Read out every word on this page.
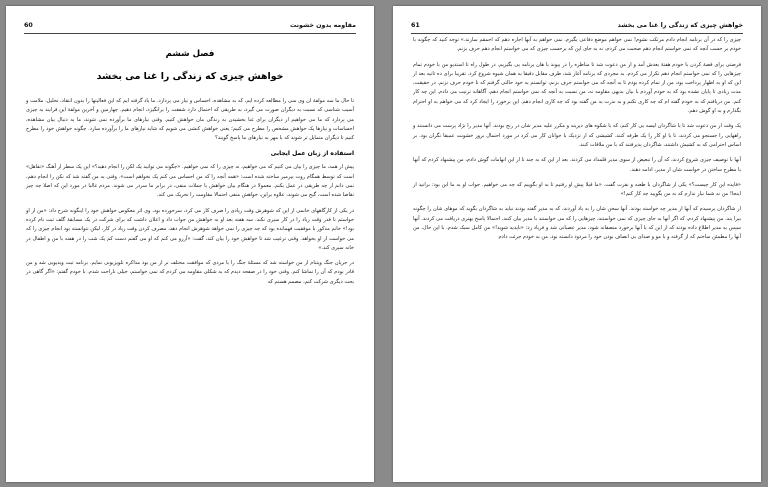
60	مقاومه بدون خشونت
فصل ششم
خواهش چیزی که زندگی را غنا می بخشد

تا حال ما سه مولفهٔ ان وی سی را مطالعه کرده ایم، که به مشاهده، احساس و نیاز می پردازد. ما یاد گرفته ایم که این فعالیتها را بدون انتقاد، تحلیل، ملامت و آسیب شناسی که نسبت به دیگران صورت می گیرد، به طریقی که احتمال دارد شفقت را برانگیزد، انجام دهیم. چهارمین و آخرین مولفهٔ این فرایند به چیزی می پردازد که ما می خواهیم از دیگران برای غنا بخشیدن به زندگی مان خواهش کنیم. وقتی نیازهای ما برآورده نمی شوند، ما به دنبال بیان مشاهده، احساسات و نیازها یک خواهش مشخص را مطرح می کنیم؛ یعنی خواهش کنشی می شویم که شاید نیازهای ما را برآورده سازد. چگونه خواهش خود را مطرح کنیم تا دیگران متمایل تر شوند که با مهر به نیازهای ما پاسخ گویند؟

استفاده از زبان عمل ایجابی

پیش از همه، ما چیزی را بیان می کنیم که می خواهیم، نه چیزی را که نمی خواهیم. «چگونه می توانید یک لکن را انجام دهید؟» این یک سطر از آهنگ «تفاهل» است که توسط همگام روت بیرمیر ساخته شده است: «همه آنچه را که من احساس می کنم یک نخواهم است». وقتی به من گفته شد که نکن را انجام دهم، نمی دانم از چه طریقی در عمل بکنم. معمولا در هنگام بیان خواهش با جملات منفی، در برابر ما سردر می شوند. مردم غالبا در مورد این که اصلا چه چیز تقاضا شده است، گیج می شوند، علاوه براین، خواهش منفی احتمالا مقاومت را تحریک می کند.

در یکی از کارگاههای خانمی از این که شوهرش وقت زیادی را صرف کار می کرد، سرخورده بود، وی اثر معکوس خواهش خود را اینگونه شرح داد: «من از او خواستم تا قدر وقت زیاد را در کار سپری نکند. سه هفته بعد او به خواهش من جواب داد و اعلان داشت که برای شرکت در یک مسابقهٔ گلف ثبت نام کرده بود!» خانم مذکور با موفقیت فهمانده بود که چه چیزی را نمی خواهد شوهرش انجام دهد، مصرف کردن وقت زیاد در کار، لیکن نتوانسته بود انجام چیزی را که می خواست از او بخواهد. وقتی ترغیب شد تا خواهش خود را بیان کند، گفت: «آرزو می کنم که او می گفتم دست کم یک شب را در هفته با من و اطفال در خانه سپری کند.»

در جریان جنگ ویتنام از من خواسته شد که مسئلهٔ جنگ را با مردی که موافقت مختلف تر از من بود مذاکره تلویزیونی نمایم. برنامه ثبت ویدیویی شد و من قادر بودم که آن را تماشا کنم. وقتی خود را در صفحه دیدم که به شکلی مقاومه می کردم که نمی خواستم، خیلی ناراحت شدم. با خودم گفتم: «اگر گاهی در بحث دیگری شرکت کنم، مصمم هستم که

61	خواهش چیزی که زندگی را غنا می بخشد

چیزی را که در آن برنامه انجام دادم مرتکب نشوم! نمی خواهم موضع دفاعی بگیرم. نمی خواهم به آنها اجازه دهم که احمقم سازند.» توجه کنید که چگونه با خودم بر حسب آنچه که نمی خواستم انجام دهم صحبت می کردم، نه به جای این که برحسب چیزی که می خواستم انجام دهم حرف بزنم.

فرصتی برای قصهٔ کردن با خودم هفتهٔ بعدش آمد و از من دعوت شد تا مناظره را در پیوند با هان برنامه پی بگیریم. در طول راه تا استدیو من با خودم تمام چیزهایی را که نمی خواستم انجام دهم تکرار می کردم. به مجردی که برنامه آغاز شد، طرف مقابل دقیقا به همان شیوه شروع کرد. تقریبا برای ده ثانیه بعد از این که او به اظهار پرداخت بود، من از تمام کرده بودم تا به آنچه که می خواستم حرف بزنم، توانستم به خود حالتی گرفتم که تا خودم حرف نزنم. در حقیقت، مدت زیادی تا پایان نشده بود که به خودم آوردم با بیان بدیهی مقاومه نه، من نسبت به آنچه که نمی خواستم انجام دهم، آگاهانه ترتیب می دادم. این چه کار کنم. من دریافتم که به خودم گفته ام که چه کاری نکنم و به ندرت به من گفته بود که چه کاری انجام دهم. این برخورد را ایجاد کرد که می خواهم به او احترام بگذارم و به او گوش دهم.

یک وقت از من دعوت شد تا با شاگردان لیسه یی کار کنم، که با شکوه های دیرینه و مکرر علیه مدیر شان در رنج بودند. آنها مدیر را نژاد پرست می دانستند و راههایی را جستجو می کردند، تا با او کار را یک طرفه کنند. کشیشی که از نزدیک با جوانان کار می کرد در مورد احتمال بروز خشونت عمیقا نگران بود. بر اساس احترامی که به کشیش داشتند، شاگردان پذیرفتند که با من ملاقات کنند.

آنها با توصیف چیزی شروع کردند، که آن را تبعیض از سوی مدیر قلمداد می کردند. بعد از این که به چند تا از این اتهامات گوش دادم، من پیشنهاد کردم که آنها با مطرح ساختن در خواست شان از مدیر، ادامه دهند.

«فایده این کار چیست؟» یکی از شاگردان با طعنه و نفرت گفت. «ما قبلا پیش او رفتیم تا به او بگوییم که چه می خواهیم. جواب او به ما این بود: برانید از اینجا! من نه شما نیاز ندارم که به من بگویید چه کار کنم!»

از شاگردان پرسیدم که آنها از مدیر چه خواسته بودند. آنها سخن شان را به یاد آوردند، که به مدیر گفته بودند نباید به شاگردان بگوید که موهای شان را چگونه بپرا یند. من پیشنهاد کردم، که اگر آنها به جای چیزی که نمی خواستند، چیزهایی را که می خواستند با مدیر بیان کنند، احتمالا پاسخ بهتری دریافت می کردند. آنها سپس به مدیر اطلاع داده بودند که از این که با آنها برخورد منصفانه شود، مدیر عصبانی شد و فریاد زد: «ناپدید شوید!» من کامل سبک شدم. با این حال، من آنها را مطمئن ساختم که از گرفته و با مو و صدای بی انصاف بودن خود را مردود دانسته بود. من به خودم جرئت دادم
